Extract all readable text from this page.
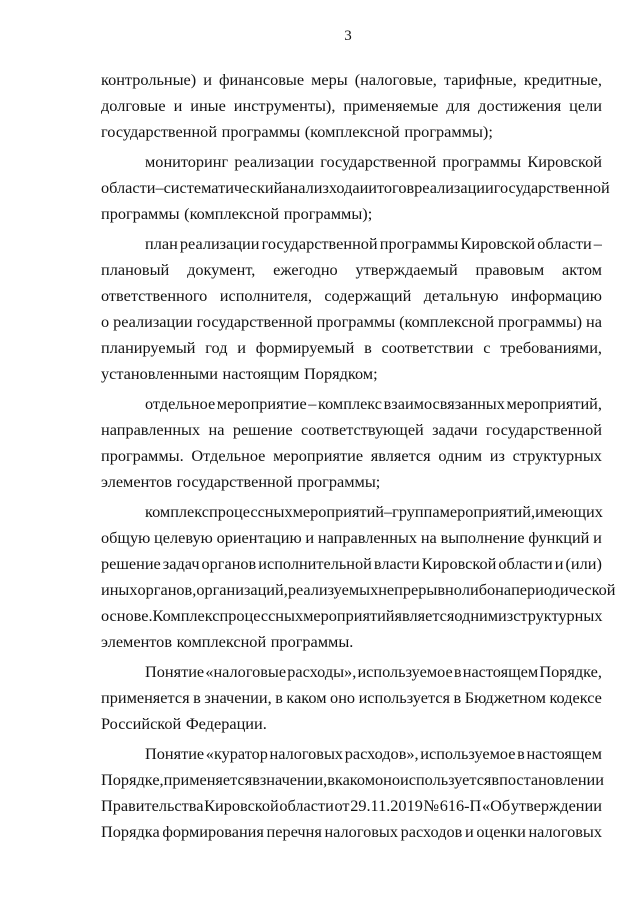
3
контрольные) и финансовые меры (налоговые, тарифные, кредитные,
долговые и иные инструменты), применяемые для достижения цели
государственной программы (комплексной программы);
мониторинг реализации государственной программы Кировской
области – систематический анализ хода и итогов реализации государственной
программы (комплексной программы);
план реализации государственной программы Кировской области –
плановый документ, ежегодно утверждаемый правовым актом
ответственного исполнителя, содержащий детальную информацию
о реализации государственной программы (комплексной программы) на
планируемый год и формируемый в соответствии с требованиями,
установленными настоящим Порядком;
отдельное мероприятие – комплекс взаимосвязанных мероприятий,
направленных на решение соответствующей задачи государственной
программы. Отдельное мероприятие является одним из структурных
элементов государственной программы;
комплекс процессных мероприятий – группа мероприятий, имеющих
общую целевую ориентацию и направленных на выполнение функций и
решение задач органов исполнительной власти Кировской области и (или)
иных органов, организаций, реализуемых непрерывно либо на периодической
основе. Комплекс процессных мероприятий является одним из структурных
элементов комплексной программы.
Понятие «налоговые расходы», используемое в настоящем Порядке,
применяется в значении, в каком оно используется в Бюджетном кодексе
Российской Федерации.
Понятие «куратор налоговых расходов», используемое в настоящем
Порядке, применяется в значении, в каком оно используется в постановлении
Правительства Кировской области от 29.11.2019 № 616-П «Об утверждении
Порядка формирования перечня налоговых расходов и оценки налоговых
